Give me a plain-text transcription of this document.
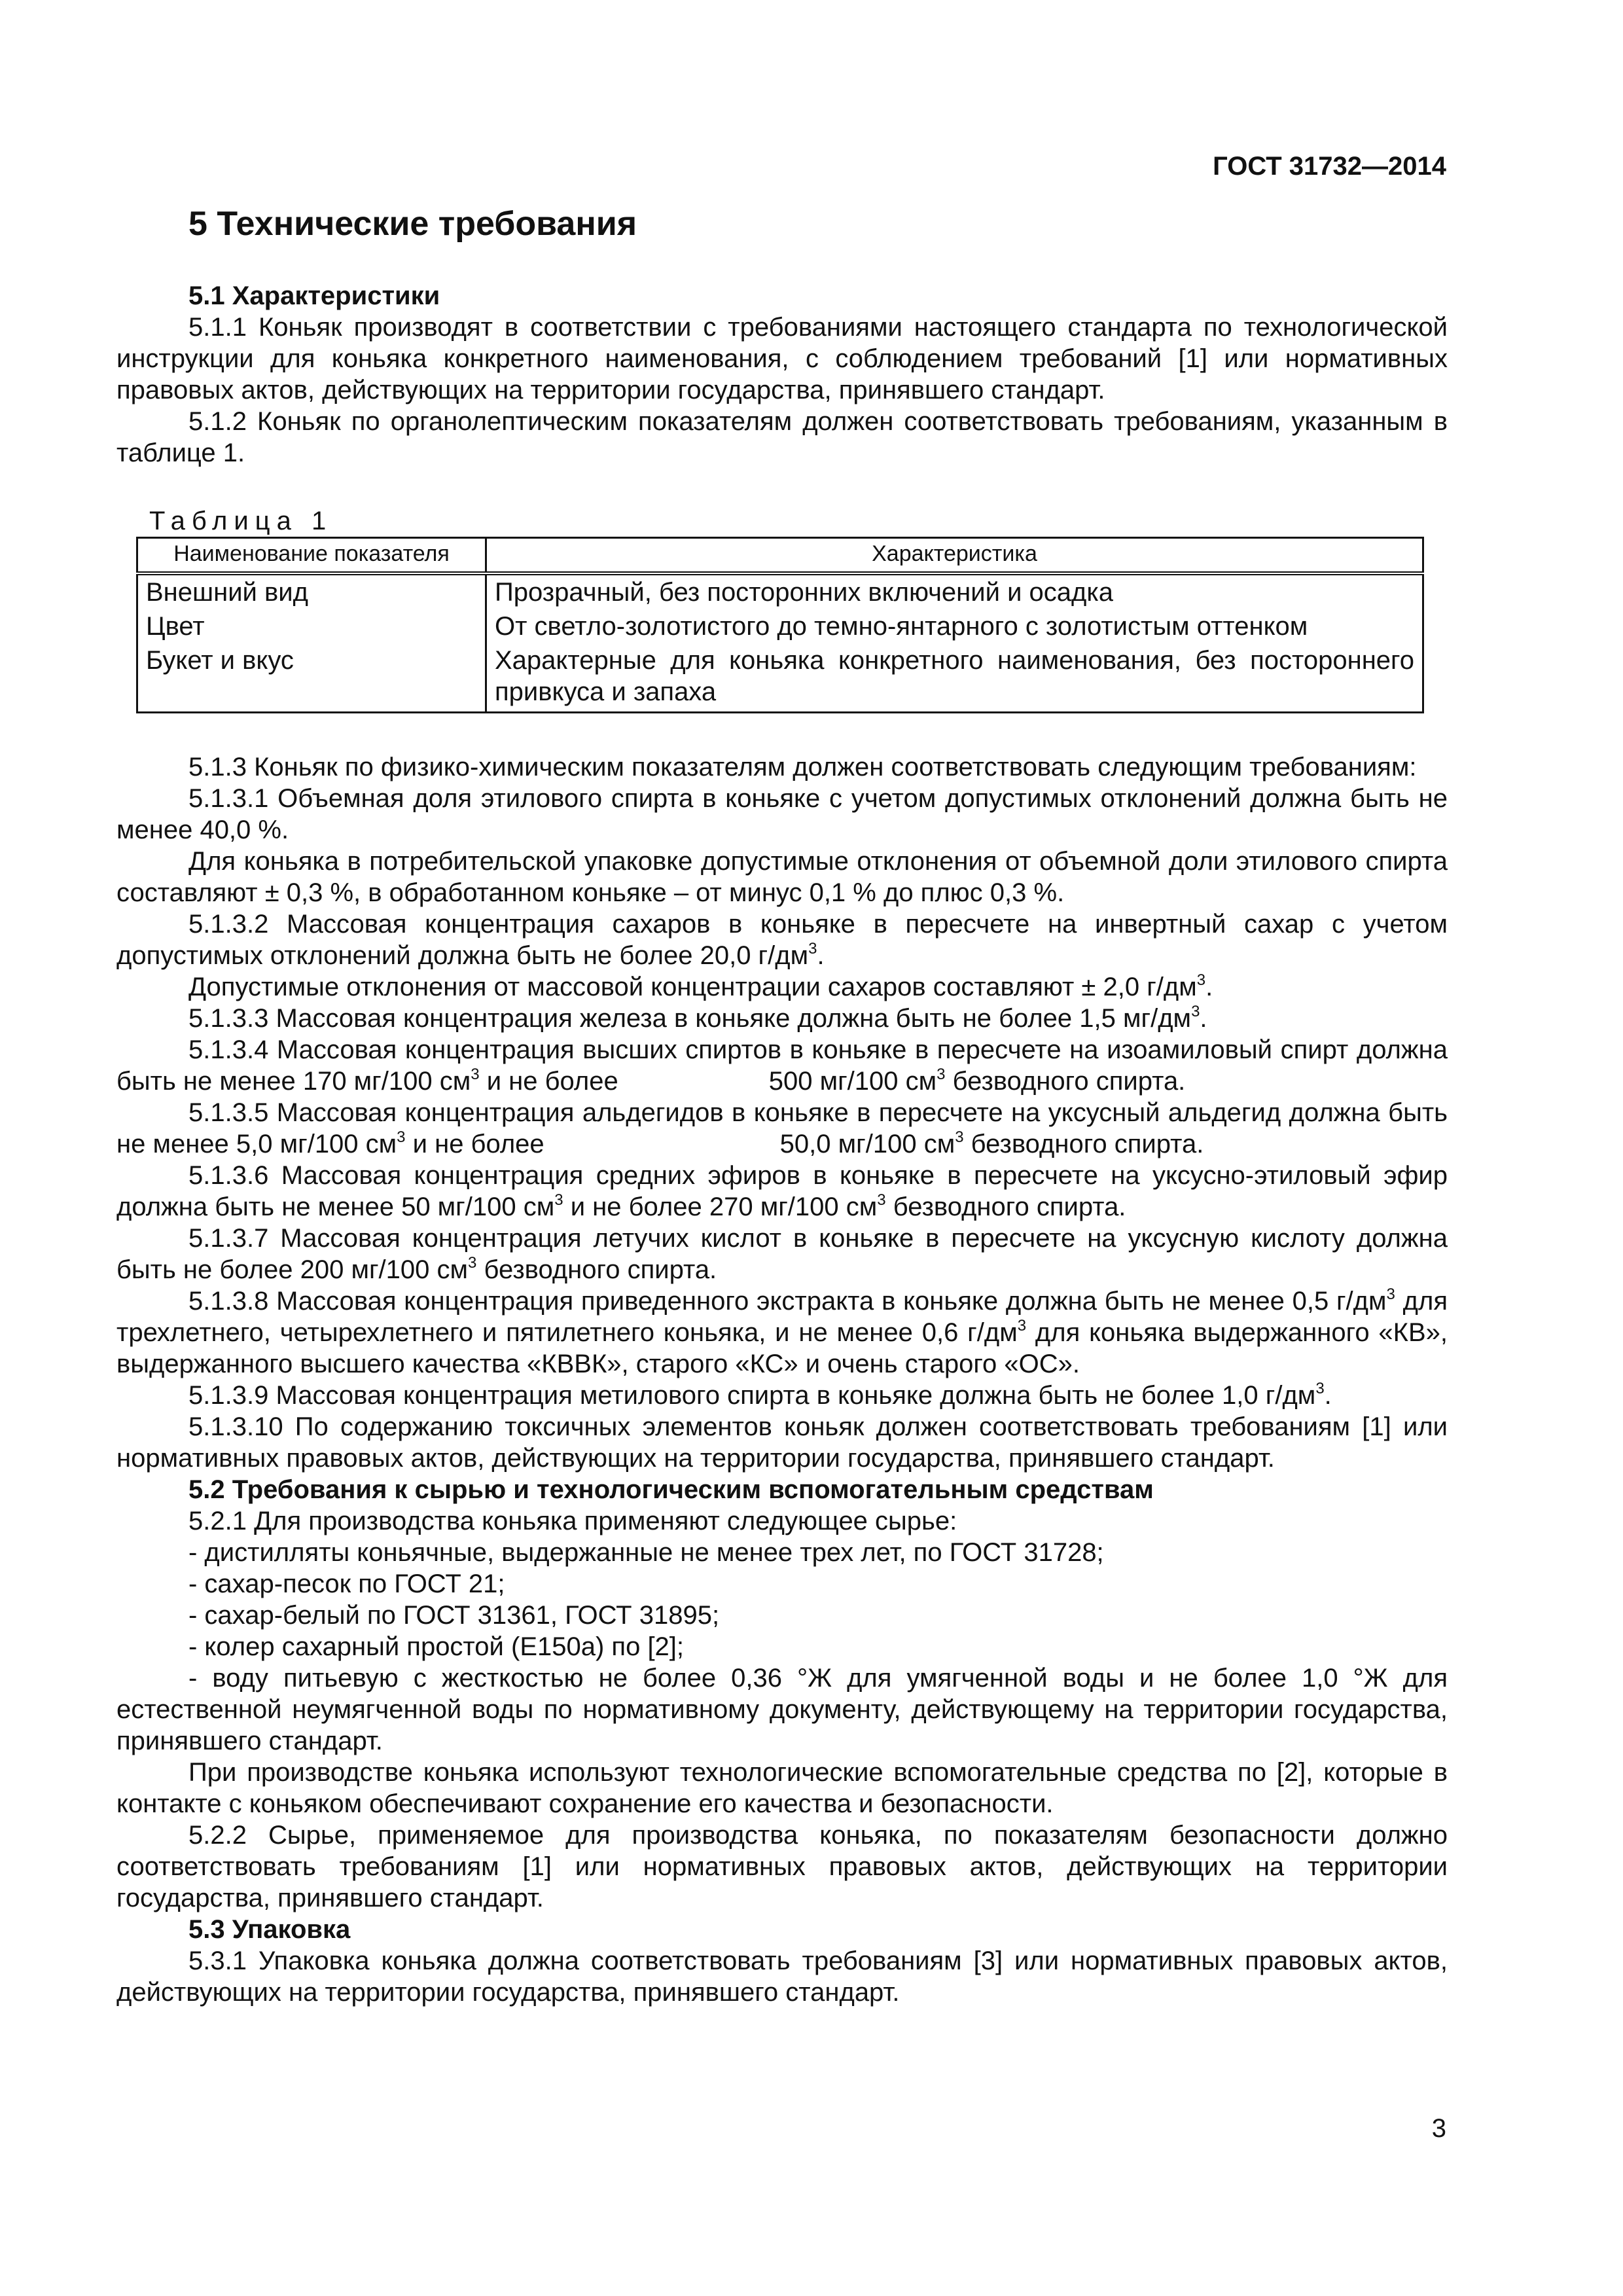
ГОСТ 31732—2014
5 Технические требования
5.1 Характеристики

5.1.1 Коньяк производят в соответствии с требованиями настоящего стандарта по технологической инструкции для коньяка конкретного наименования, с соблюдением требований [1] или нормативных правовых актов, действующих на территории государства, принявшего стандарт.

5.1.2 Коньяк по органолептическим показателям должен соответствовать требованиям, указанным в таблице 1.

Таблица 1
Наименование показателя	Характеристика
Внешний вид	Прозрачный, без посторонних включений и осадка
Цвет	От светло-золотистого до темно-янтарного с золотистым оттенком
Букет и вкус	Характерные для коньяка конкретного наименования, без постороннего привкуса и запаха

5.1.3 Коньяк по физико-химическим показателям должен соответствовать следующим требованиям:

5.1.3.1 Объемная доля этилового спирта в коньяке с учетом допустимых отклонений должна быть не менее 40,0 %.

Для коньяка в потребительской упаковке допустимые отклонения от объемной доли этилового спирта составляют ± 0,3 %, в обработанном коньяке – от минус 0,1 % до плюс 0,3 %.

5.1.3.2 Массовая концентрация сахаров в коньяке в пересчете на инвертный сахар с учетом допустимых отклонений должна быть не более 20,0 $г/дм^3$.

Допустимые отклонения от массовой концентрации сахаров составляют ± 2,0 $г/дм^3$.

5.1.3.3 Массовая концентрация железа в коньяке должна быть не более 1,5 $мг/дм^3$.

5.1.3.4 Массовая концентрация высших спиртов в коньяке в пересчете на изоамиловый спирт должна быть не менее 170 мг/100 $см^3$ и не более	500 мг/100 $см^3$ безводного спирта.

5.1.3.5 Массовая концентрация альдегидов в коньяке в пересчете на уксусный альдегид должна быть не менее 5,0 мг/100 $см^3$ и не более	50,0 мг/100 $см^3$ безводного спирта.

5.1.3.6 Массовая концентрация средних эфиров в коньяке в пересчете на уксусно-этиловый эфир должна быть не менее 50 мг/100 $см^3$ и не более 270 мг/100 $см^3$ безводного спирта.

5.1.3.7 Массовая концентрация летучих кислот в коньяке в пересчете на уксусную кислоту должна быть не более 200 мг/100 $см^3$ безводного спирта.

5.1.3.8 Массовая концентрация приведенного экстракта в коньяке должна быть не менее 0,5 $г/дм^3$ для трехлетнего, четырехлетнего и пятилетнего коньяка, и не менее 0,6 $г/дм^3$ для коньяка выдержанного «КВ», выдержанного высшего качества «КВВК», старого «КС» и очень старого «ОС».

5.1.3.9 Массовая концентрация метилового спирта в коньяке должна быть не более 1,0 $г/дм^3$.

5.1.3.10 По содержанию токсичных элементов коньяк должен соответствовать требованиям [1] или нормативных правовых актов, действующих на территории государства, принявшего стандарт.

5.2 Требования к сырью и технологическим вспомогательным средствам

5.2.1 Для производства коньяка применяют следующее сырье:

- дистилляты коньячные, выдержанные не менее трех лет, по ГОСТ 31728;
- сахар-песок по ГОСТ 21;
- сахар-белый по ГОСТ 31361, ГОСТ 31895;
- колер сахарный простой (Е150а) по [2];

- воду питьевую с жесткостью не более 0,36 °Ж для умягченной воды и не более 1,0 °Ж для естественной неумягченной воды по нормативному документу, действующему на территории государства, принявшего стандарт.

При производстве коньяка используют технологические вспомогательные средства по [2], которые в контакте с коньяком обеспечивают сохранение его качества и безопасности.

5.2.2 Сырье, применяемое для производства коньяка, по показателям безопасности должно соответствовать требованиям [1] или нормативных правовых актов, действующих на территории государства, принявшего стандарт.

5.3 Упаковка

5.3.1 Упаковка коньяка должна соответствовать требованиям [3] или нормативных правовых актов, действующих на территории государства, принявшего стандарт.

3
